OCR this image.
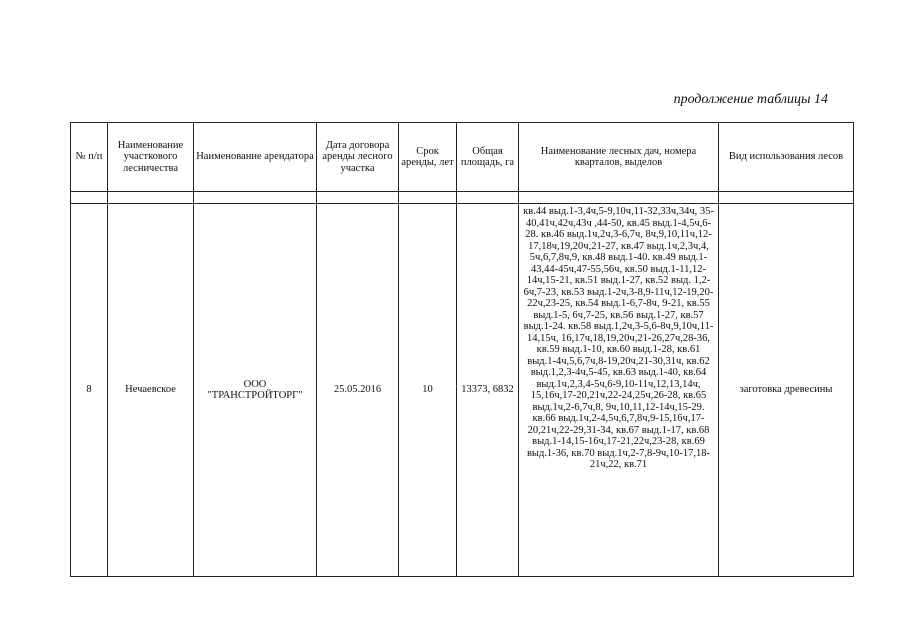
продолжение таблицы 14
№ п/п	Наименование участкового лесничества	Наименование арендатора	Дата договора аренды лесного участка	Срок аренды, лет	Общая площадь, га	Наименование лесных дач, номера кварталов, выделов	Вид использования лесов

8	Нечаевское	ООО "ТРАНСТРОЙТОРГ"	25.05.2016	10	13373, 6832	кв.44 выд.1-3,4ч,5-9,10ч,11-32,33ч,34ч, 35-40,41ч,42ч,43ч ,44-50, кв.45 выд.1-4,5ч,6-28. кв.46 выд.1ч,2ч,3-6,7ч, 8ч,9,10,11ч,12-17,18ч,19,20ч,21-27, кв.47 выд.1ч,2,3ч,4, 5ч,6,7,8ч,9, кв.48 выд.1-40. кв.49 выд.1-43,44-45ч,47-55,56ч, кв.50 выд.1-11,12-14ч,15-21, кв.51 выд.1-27, кв.52 выд. 1,2-6ч,7-23, кв.53 выд.1-2ч,3-8,9-11ч,12-19,20-22ч,23-25, кв.54 выд.1-6,7-8ч, 9-21, кв.55 выд.1-5, 6ч,7-25, кв.56 выд.1-27, кв.57 выд.1-24. кв.58 выд.1,2ч,3-5,6-8ч,9,10ч,11-14,15ч, 16,17ч,18,19,20ч,21-26,27ч,28-36, кв.59 выд.1-10, кв.60 выд.1-28, кв.61 выд.1-4ч,5,6,7ч,8-19,20ч,21-30,31ч, кв.62 выд.1,2,3-4ч,5-45, кв.63 выд.1-40, кв.64 выд.1ч,2,3,4-5ч,6-9,10-11ч,12,13,14ч, 15,16ч,17-20,21ч,22-24,25ч,26-28, кв.65 выд.1ч,2-6,7ч,8, 9ч,10,11,12-14ч,15-29. кв.66 выд.1ч,2-4,5ч,6,7,8ч,9-15,16ч,17-20,21ч,22-29,31-34, кв.67 выд.1-17, кв.68 выд.1-14,15-16ч,17-21,22ч,23-28, кв.69 выд.1-36, кв.70 выд.1ч,2-7,8-9ч,10-17,18-21ч,22, кв.71	заготовка древесины
